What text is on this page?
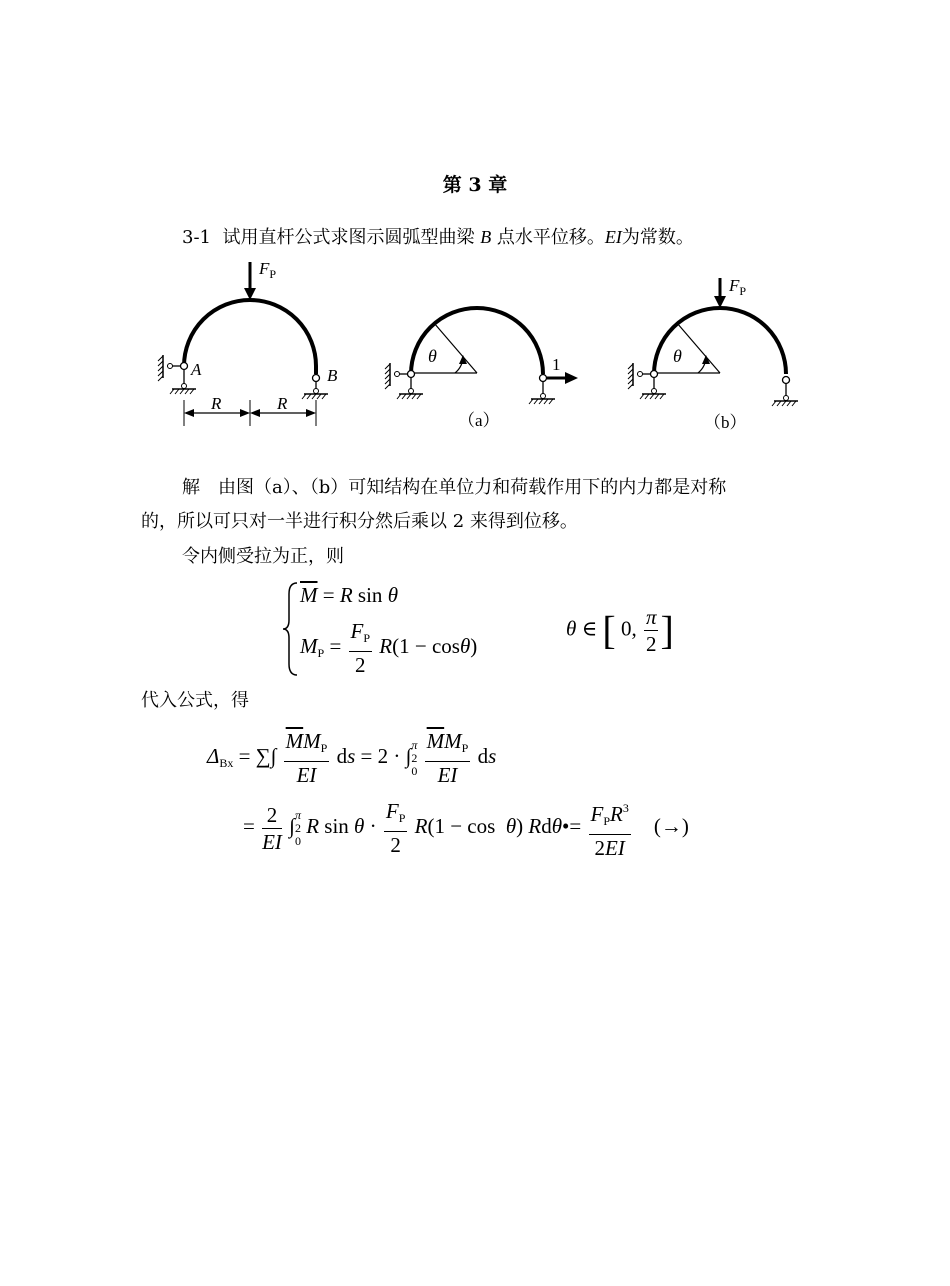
第 3 章
3-1 试用直杆公式求图示圆弧型曲梁 B 点水平位移。EI为常数。
$F_P$
A	B
R	R
θ	1
（a）
θ
$F_P$
（b）
解　由图（a）、（b）可知结构在单位力和荷载作用下的内力都是对称
的，所以可只对一半进行积分然后乘以 2 来得到位移。
令内侧受拉为正，则
$\overline{M} = R$ sin θ
$M_P = \frac{F_P}{2} R(1 - \cos\theta)$
θ ∈ [ 0, $\frac{\pi}{2}$ ]
代入公式，得
$\Delta_{Bx}$ = ∑∫ $\frac{\overline{M}M_P}{EI}$ ds = 2 · ∫ π
2
0
$\frac{\overline{M}M_P}{EI}$ ds
= $\frac{2}{EI}$ ∫ π
2
0
R $\sin \theta \cdot \frac{F_P}{2} R(1 - \cos \theta)$ Rdθ•= $\frac{F_PR^3}{2EI}$ (→)
